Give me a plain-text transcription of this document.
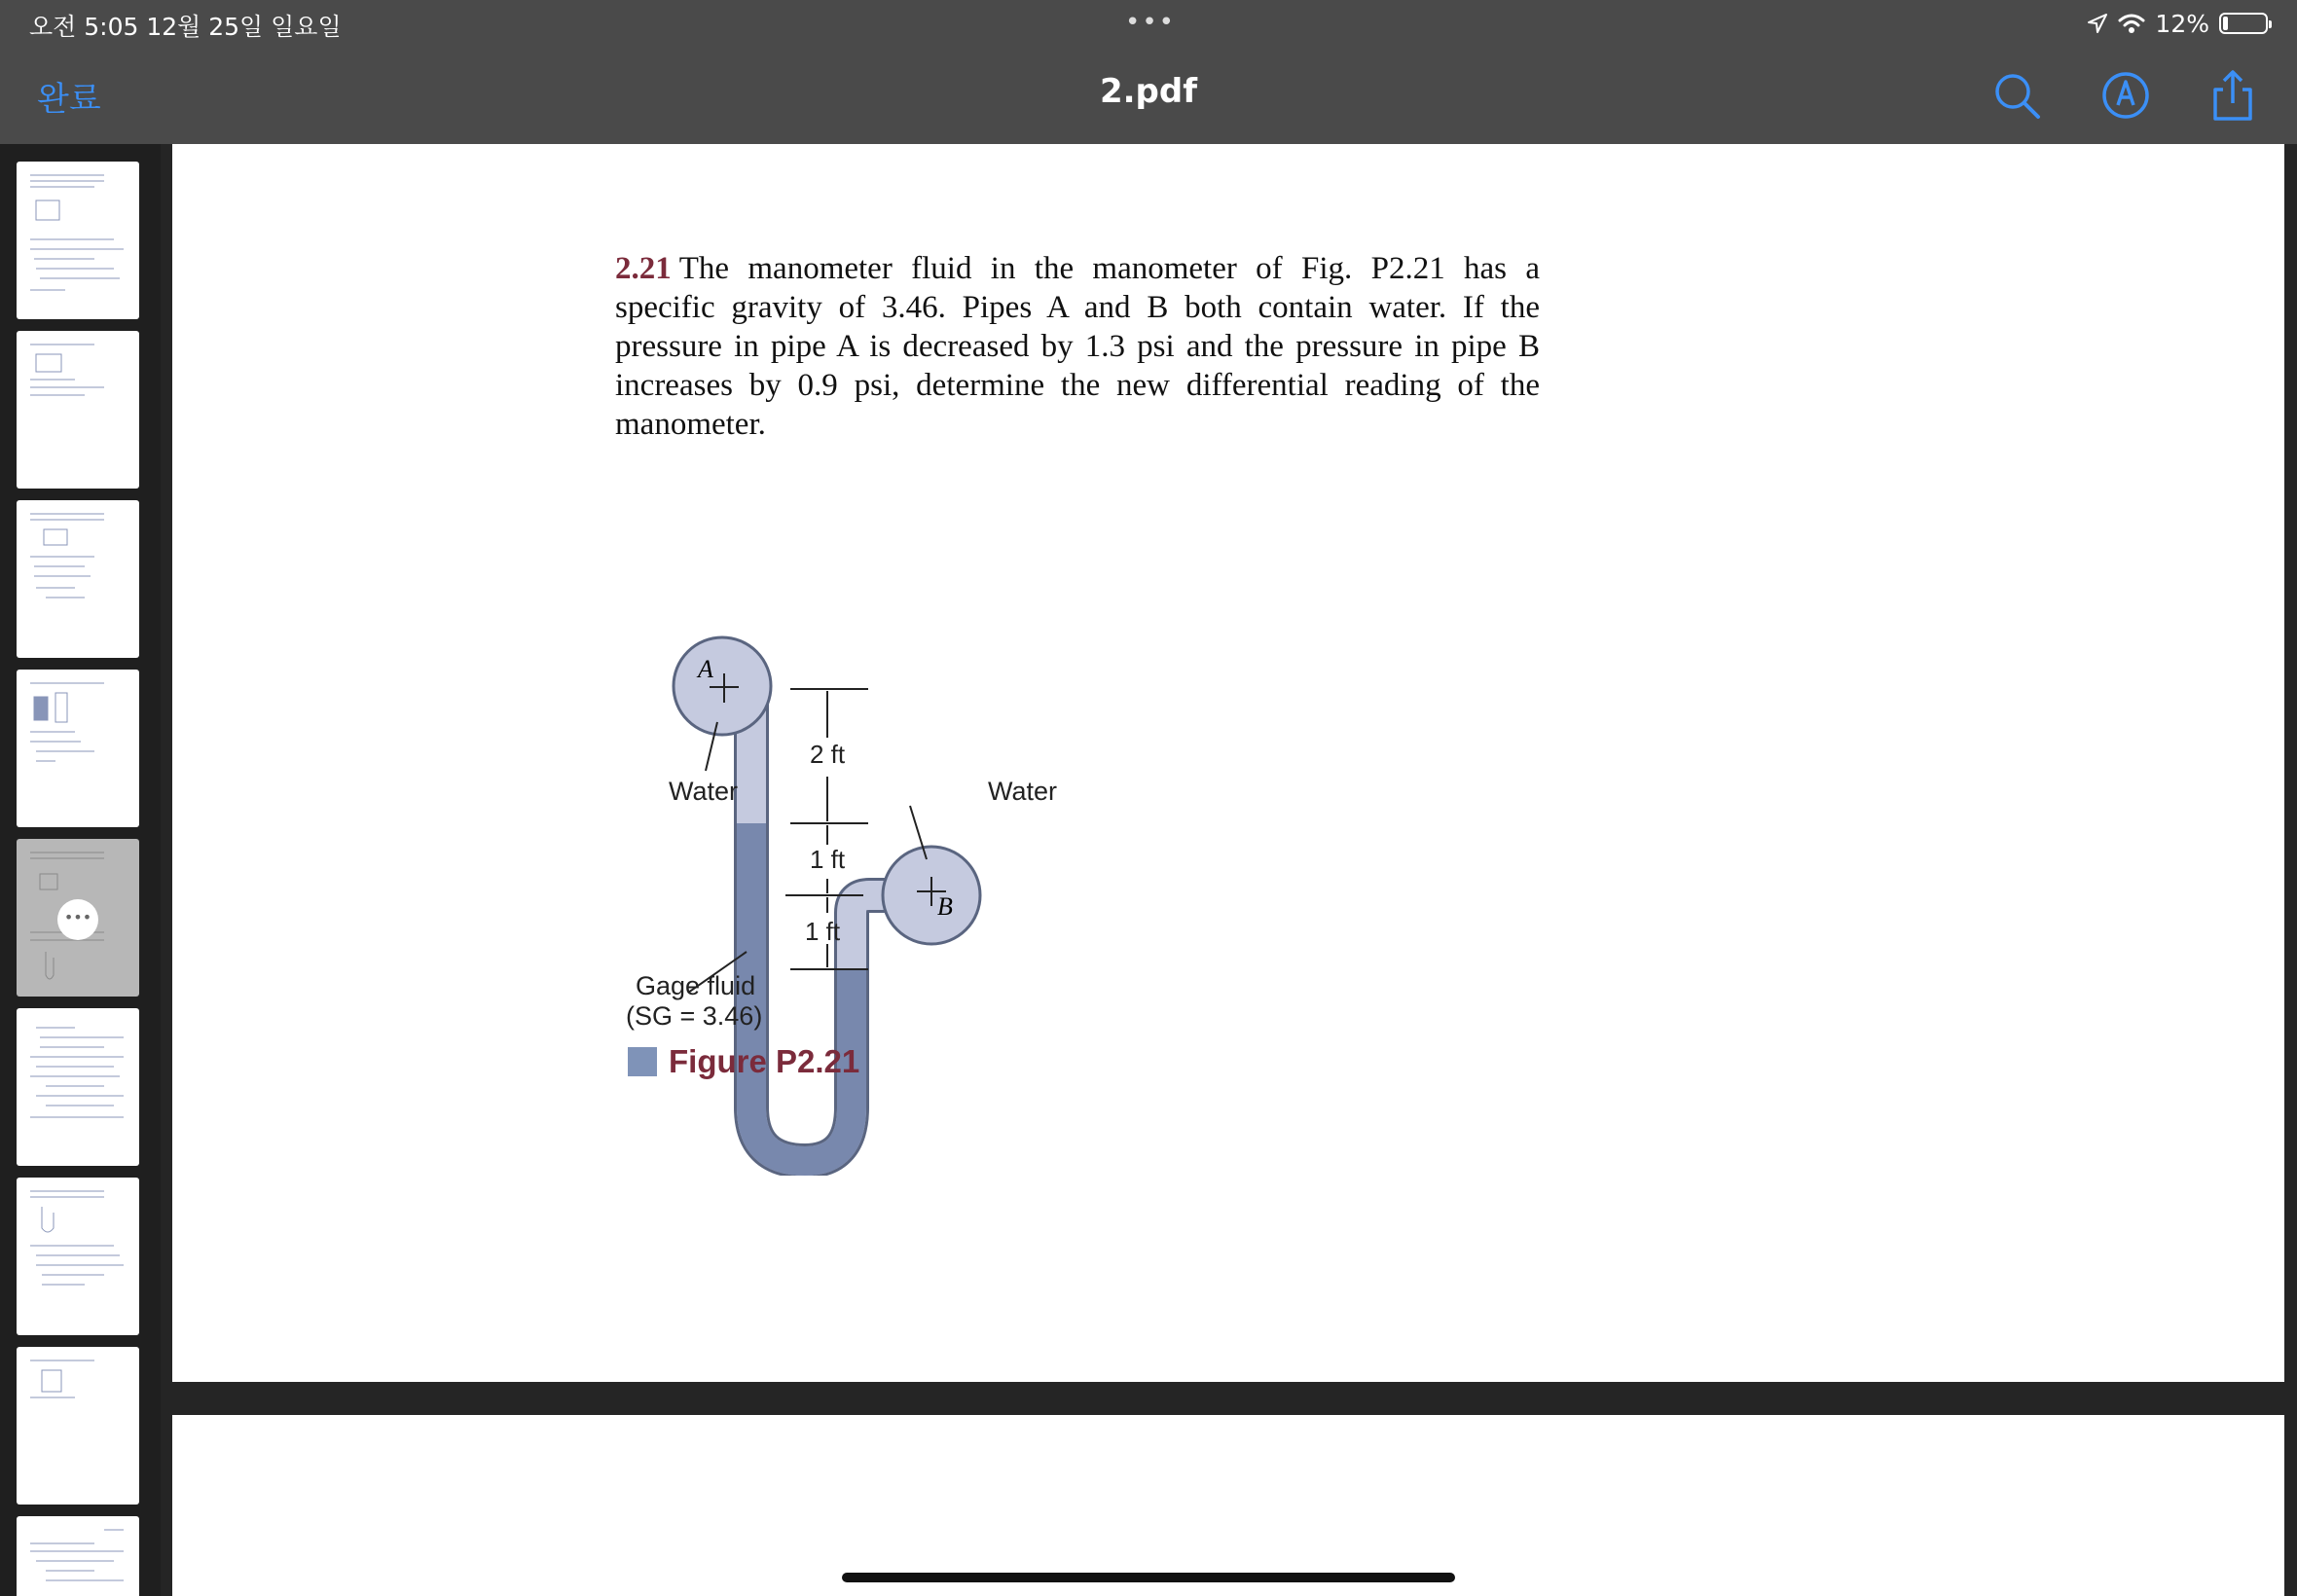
오전 5:05 12월 25일 일요일	•••	12%
완료	2.pdf
•••
2.21 The manometer fluid in the manometer of Fig. P2.21 has a specific gravity of 3.46. Pipes A and B both contain water. If the pressure in pipe A is decreased by 1.3 psi and the pressure in pipe B increases by 0.9 psi, determine the new differential reading of the manometer.
A
B
2 ft
1 ft
1 ft
Water	Water
Gage fluid
(SG = 3.46)
Figure P2.21
